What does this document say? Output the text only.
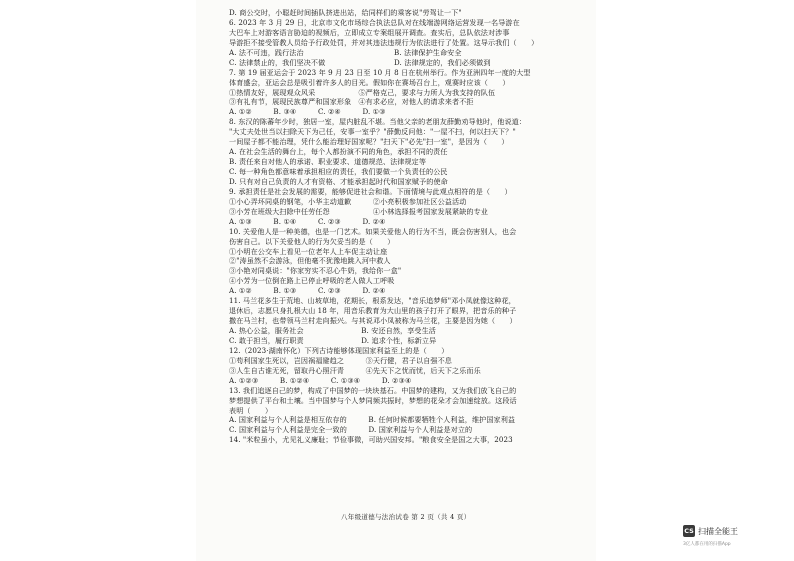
D. 商公交时，小聪赶时间插队挤进出站，给同样们的乘客说"劳驾让一下"
6. 2023 年 3 月 29 日，北京市文化市场综合执法总队对在线端游网络运营发现一名导游在
大巴车上对游客语言胁迫的视频后，立即成立专案组展开调查。查实后，总队依法对涉事
导游拒不接受管教人员给予行政处罚，并对其违法违规行为依法进行了处置。这导示我们（　　）
A. 法不可违，践行法治	B. 法律保护生命安全
C. 法律禁止的，我们坚决不做	D. 法律规定的，我们必须做到
7. 第 19 届亚运会于 2023 年 9 月 23 日至 10 月 8 日在杭州举行。作为亚洲四年一度的大型
体育盛会，亚运会总是吸引着许多人的目光。假如你在赛场召台上，观赛时应该（　　）
①热情友好，展现观众风采　　　　　　⑤严格克己，要求与力所人为我支持的队伍
③有礼有节，展现民族尊严和国家形象　④有求必应，对他人的请求来者不拒
A. ①②　　　B. ③④　　　C. ②④　　　D. ①③
8. 东汉的陈蕃年少时，独居一室，屋内脏乱不堪。当他父亲的老朋友薛勤劝导他时，他说道：
"大丈夫处世当以扫除天下为己任，安事一室乎？"薛勤反问他："一屋不扫，何以扫天下？"
一间屋子都不能治理，凭什么能治理好国家呢？"扫天下"必先"扫一室"，是因为（　　）
A. 在社会生活的舞台上，每个人都扮演不同的角色，承担不同的责任
B. 责任来自对他人的承诺、职业要求、道德规范、法律规定等
C. 每一种角色都意味着承担相应的责任，我们要做一个负责任的公民
D. 只有对自己负责的人才有资格、才能承担起时代和国家赋予的使命
9. 承担责任是社会发展的需要，能够促进社会和谐。下面情境与此观点相符的是（　　）
①小心弄坏同桌的钢笔，小华主动道歉　　　②小亮积极参加社区公益活动
③小芳在班级大扫除中任劳任怨　　　　　　④小林选择报考国家发展紧缺的专业
A. ①③　　　B. ①④　　　C. ②③　　　D. ②④
10. 关爱他人是一种美德，也是一门艺术。如果关爱他人的行为不当，既会伤害别人，也会
伤害自己。以下关爱他人的行为欠妥当的是（　　）
①小明在公交车上看见一位老年人上车促主动让座
②"涛虽然不会游泳，但他毫不犹豫地跳入河中救人
③小艳对同桌说："你家穷实不忍心牛奶，我给你一盒"
④小芳为一位倒在路上已停止呼吸的老人做人工呼吸
A. ①②　　　B. ①③　　　C. ②③　　　D. ②④
11. 马兰花多生于荒地、山坡草地，花期长，根系发达，"音乐追梦师"邓小凤就像这种花，
退休后，志愿只身扎根大山 18 年，用音乐教育为大山里的孩子打开了眼界，把音乐的种子
撒在马兰村，也带领马兰村走向振兴。与其说邓小凤被称为马兰花，主要是因为她（　　）
A. 热心公益，服务社会　　　　　　　　B. 安还自然，享受生活
C. 敢于担当，履行职责　　　　　　　　D. 追求个性，标新立异
12.（2023·湖南怀化）下列古诗能够体现国家利益至上的是（　　）
①苟利国家生死以，岂因祸福避趋之　　　③天行健，君子以自强不息
③人生自古谁无死，留取丹心照汗青　　　④先天下之忧而忧，后天下之乐而乐
A. ①②③　　　B. ①②④　　　C. ①③④　　　D. ②③④
13. 我们追逐自己的梦，构成了中国梦的一块块基石。中国梦的建构，又为我们放飞自己的
梦想提供了平台和土壤。当中国梦与个人梦同频共振时，梦想的花朵才会加速绽放。这段话
表明（　　）
A. 国家利益与个人利益是相互依存的　　　B. 任何时候都要牺牲个人利益，维护国家利益
C. 国家利益与个人利益是完全一致的　　　D. 国家利益与个人利益是对立的
14. "米粒虽小，尤见礼义廉耻；节俭事微，可助兴国安邦。"粮食安全是国之大事，2023
八年级道德与法治试卷 第 2 页（共 4 页）
CS 扫描全能王
3亿人都在用的扫描App
